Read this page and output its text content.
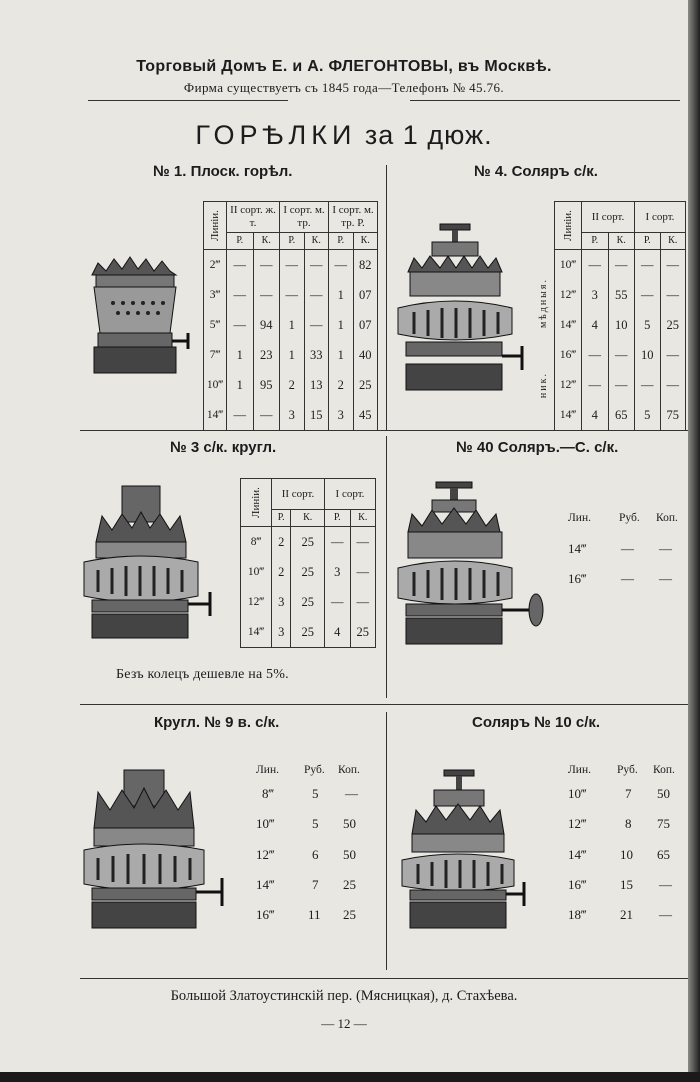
Торговый Домъ Е. и А. ФЛЕГОНТОВЫ, въ Москвѣ.
Фирма существуетъ съ 1845 года—Телефонъ № 45.76.
ГОРѢЛКИ за 1 дюж.
№ 1. Плоск. горѣл.
Линіи.	II сорт. ж. т.		I сорт. м. тр.		I сорт. м. тр. Р.	
	Р.	К.	Р.	К.	Р.	К.
2‴	—	—	—	—	—	82
3‴	—	—	—	—	1	07
5‴	—	94	1	—	1	07
7‴	1	23	1	33	1	40
10‴	1	95	2	13	2	25
14‴	—	—	3	15	3	45
№ 4. Соляръ с/к.
мѣдныя.
ник.
Линіи.	II сорт.		I сорт.	
	Р.	К.	Р.	К.
10‴	—	—	—	—
12‴	3	55	—	—
14‴	4	10	5	25
16‴	—	—	10	—
12‴	—	—	—	—
14‴	4	65	5	75
№ 3 с/к. кругл.
Линіи.	II сорт.		I сорт.	
	Р.	К.	Р.	К.
8‴	2	25	—	—
10‴	2	25	3	—
12‴	3	25	—	—
14‴	3	25	4	25
Безъ колецъ дешевле на 5%.
№ 40 Соляръ.—С. с/к.
Лин. Руб. Коп.
14‴	— —
16‴	— —
Кругл. № 9 в. с/к.
Лин. Руб. Коп.
8‴	5 —
10‴	5 50
12‴	6 50
14‴	7 25
16‴	11 25
Соляръ № 10 с/к.
Лин. Руб. Коп.
10‴	7 50
12‴	8 75
14‴	10 65
16‴	15 —
18‴	21 —
Большой Златоустинскій пер. (Мясницкая), д. Стахѣева.
— 12 —
